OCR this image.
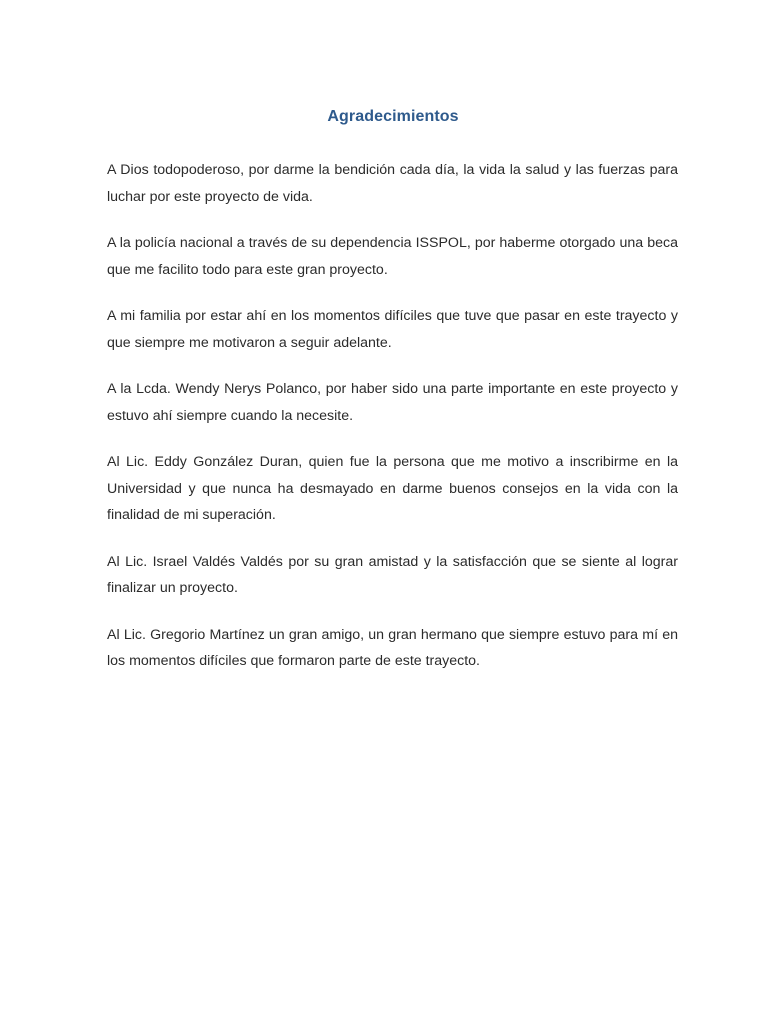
Agradecimientos

A Dios todopoderoso, por darme la bendición cada día, la vida la salud y las fuerzas para luchar por este proyecto de vida.

A la policía nacional a través de su dependencia ISSPOL, por haberme otorgado una beca que me facilito todo para este gran proyecto.

A mi familia por estar ahí en los momentos difíciles que tuve que pasar en este trayecto y que siempre me motivaron a seguir adelante.

A la Lcda. Wendy Nerys Polanco, por haber sido una parte importante en este proyecto y estuvo ahí siempre cuando la necesite.

Al Lic. Eddy González Duran, quien fue la persona que me motivo a inscribirme en la Universidad y que nunca ha desmayado en darme buenos consejos en la vida con la finalidad de mi superación.

Al Lic. Israel Valdés Valdés por su gran amistad y la satisfacción que se siente al lograr finalizar un proyecto.

Al Lic. Gregorio Martínez un gran amigo, un gran hermano que siempre estuvo para mí en los momentos difíciles que formaron parte de este trayecto.
